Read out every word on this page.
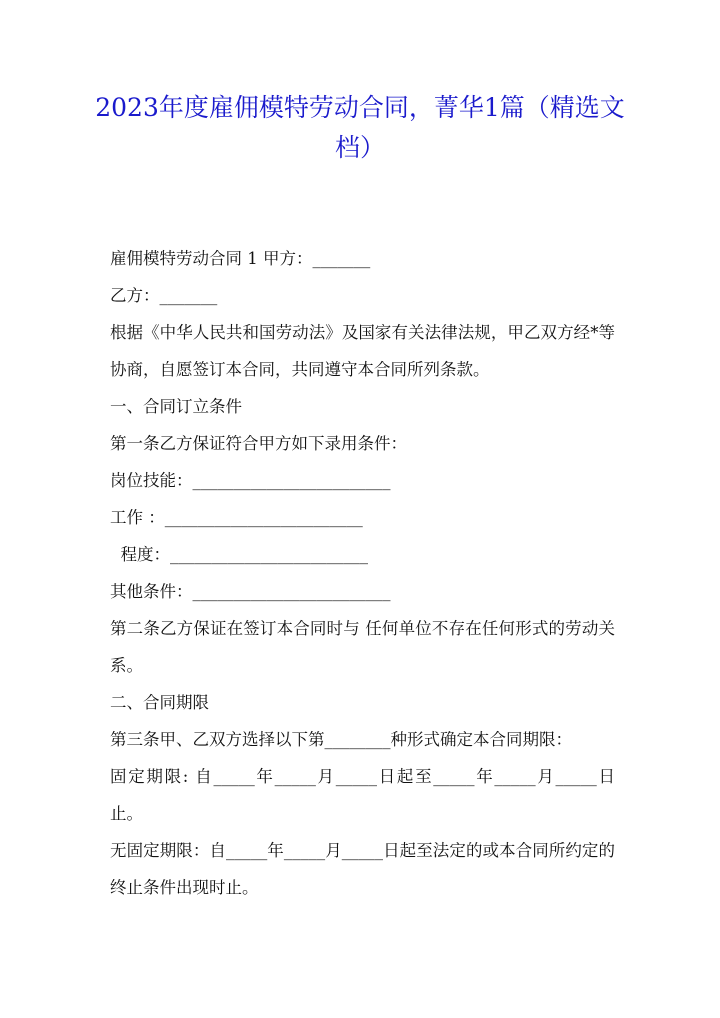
2023年度雇佣模特劳动合同，菁华1篇（精选文档）

雇佣模特劳动合同 1 甲方：_______

乙方：_______

根据《中华人民共和国劳动法》及国家有关法律法规，甲乙双方经*等协商，自愿签订本合同，共同遵守本合同所列条款。

一、合同订立条件

第一条乙方保证符合甲方如下录用条件：

岗位技能：________________________

工作 ：________________________

程度：________________________

其他条件：________________________

第二条乙方保证在签订本合同时与 任何单位不存在任何形式的劳动关系。

二、合同期限

第三条甲、乙双方选择以下第________种形式确定本合同期限：

固定期限: 自_____年_____月_____日起至_____年_____月_____日止。

无固定期限：自_____年_____月_____日起至法定的或本合同所约定的终止条件出现时止。
